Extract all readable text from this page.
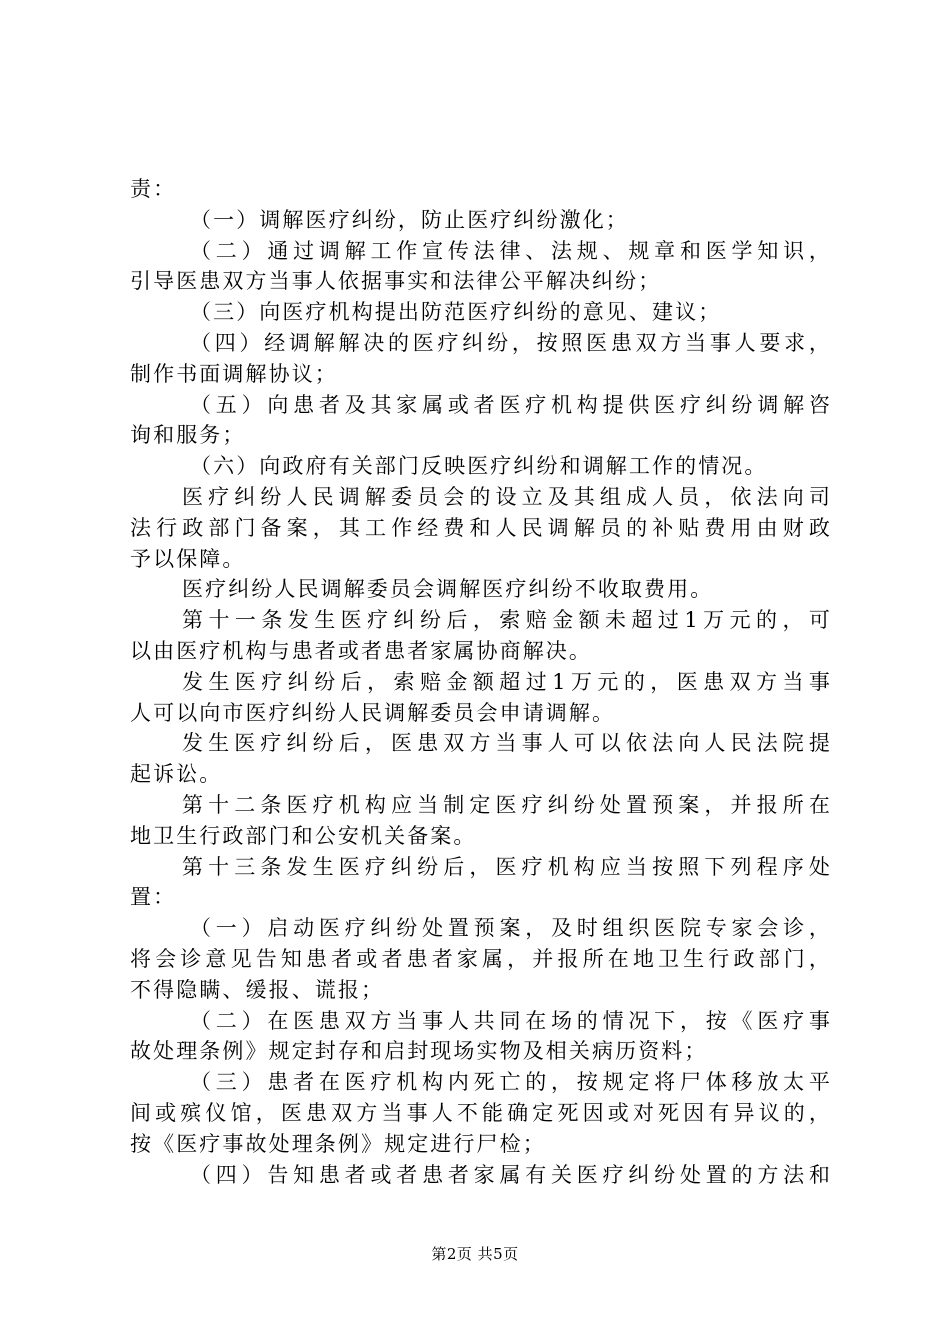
责：
（一）调解医疗纠纷，防止医疗纠纷激化；
（二）通过调解工作宣传法律、法规、规章和医学知识，
引导医患双方当事人依据事实和法律公平解决纠纷；
（三）向医疗机构提出防范医疗纠纷的意见、建议；
（四）经调解解决的医疗纠纷，按照医患双方当事人要求，
制作书面调解协议；
（五）向患者及其家属或者医疗机构提供医疗纠纷调解咨
询和服务；
（六）向政府有关部门反映医疗纠纷和调解工作的情况。
医疗纠纷人民调解委员会的设立及其组成人员，依法向司
法行政部门备案，其工作经费和人民调解员的补贴费用由财政
予以保障。
医疗纠纷人民调解委员会调解医疗纠纷不收取费用。
第十一条发生医疗纠纷后，索赔金额未超过1万元的，可
以由医疗机构与患者或者患者家属协商解决。
发生医疗纠纷后，索赔金额超过1万元的，医患双方当事
人可以向市医疗纠纷人民调解委员会申请调解。
发生医疗纠纷后，医患双方当事人可以依法向人民法院提
起诉讼。
第十二条医疗机构应当制定医疗纠纷处置预案，并报所在
地卫生行政部门和公安机关备案。
第十三条发生医疗纠纷后，医疗机构应当按照下列程序处
置：
（一）启动医疗纠纷处置预案，及时组织医院专家会诊，
将会诊意见告知患者或者患者家属，并报所在地卫生行政部门，
不得隐瞒、缓报、谎报；
（二）在医患双方当事人共同在场的情况下，按《医疗事
故处理条例》规定封存和启封现场实物及相关病历资料；
（三）患者在医疗机构内死亡的，按规定将尸体移放太平
间或殡仪馆，医患双方当事人不能确定死因或对死因有异议的，
按《医疗事故处理条例》规定进行尸检；
（四）告知患者或者患者家属有关医疗纠纷处置的方法和
第2页 共5页
